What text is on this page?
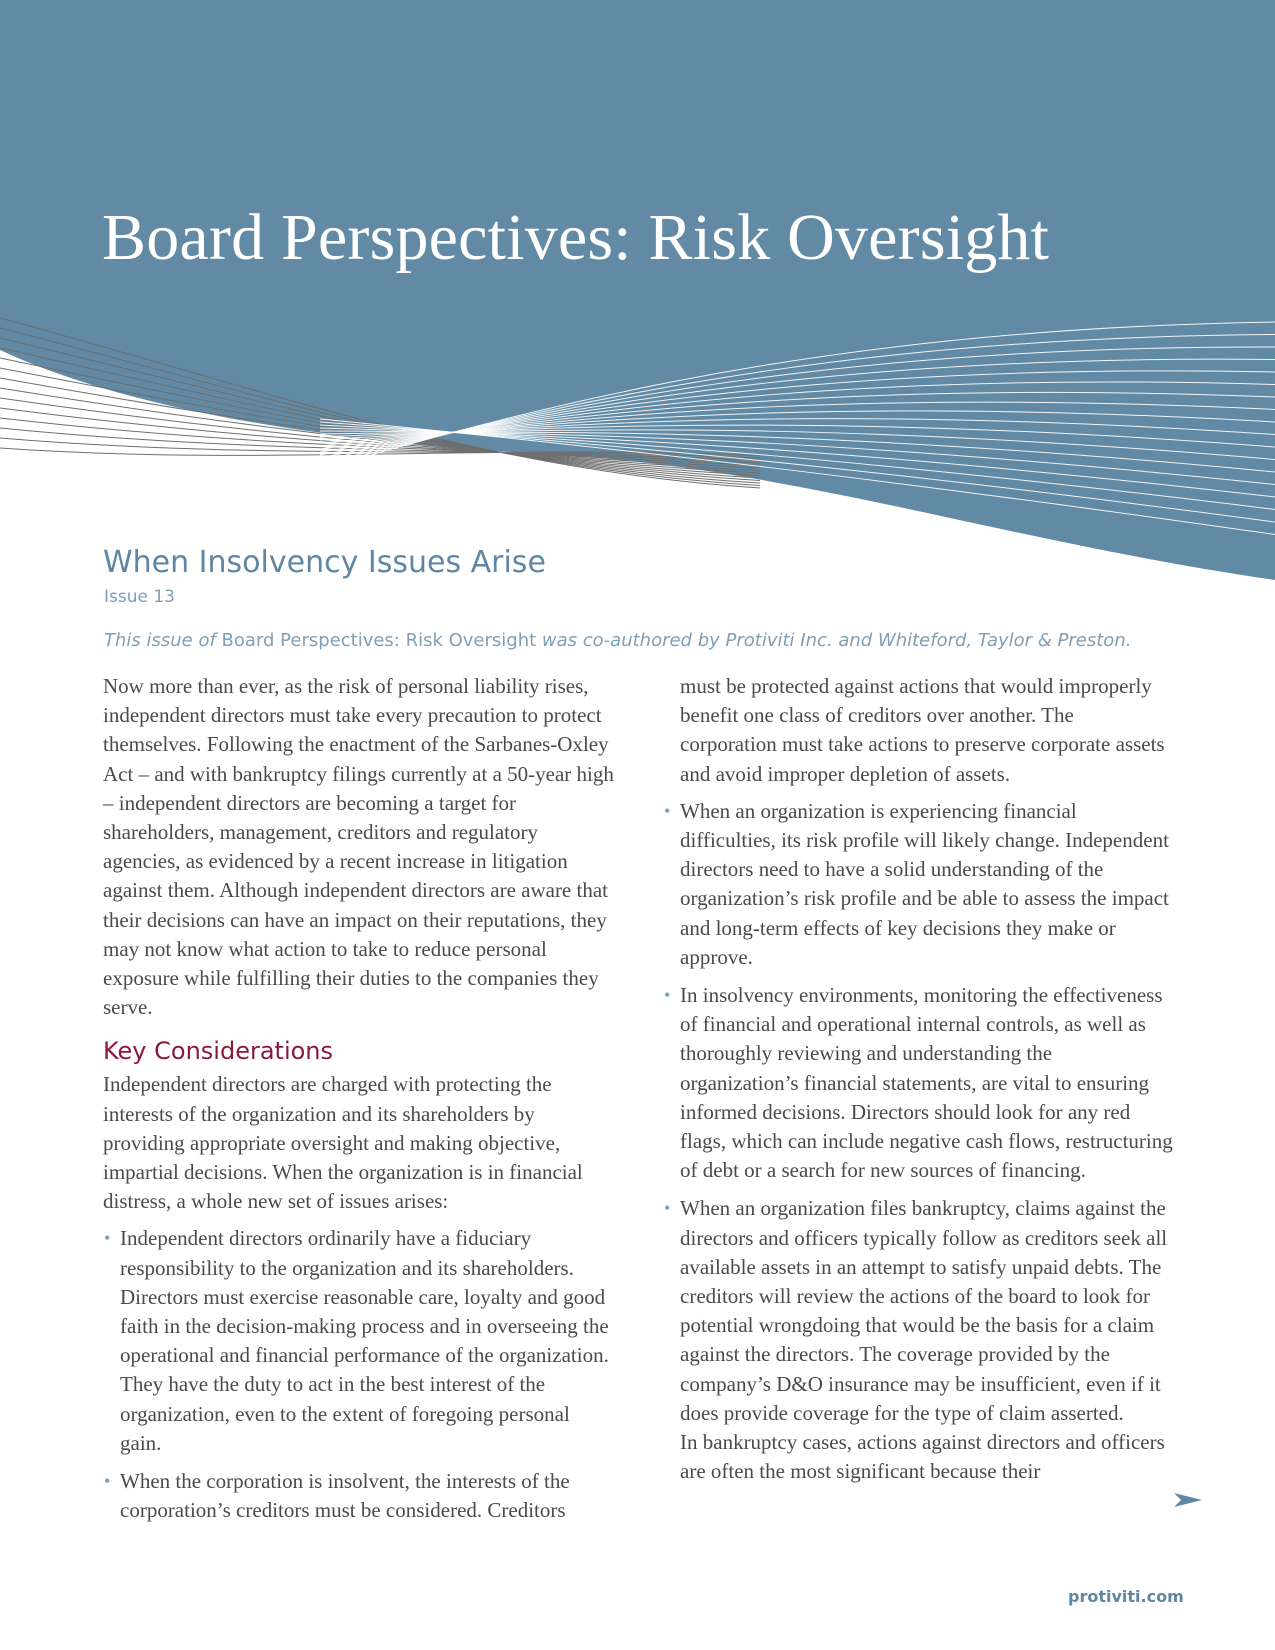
Board Perspectives: Risk Oversight
When Insolvency Issues Arise
Issue 13
This issue of Board Perspectives: Risk Oversight was co-authored by Protiviti Inc. and Whiteford, Taylor & Preston.

Now more than ever, as the risk of personal liability rises, independent directors must take every precaution to protect themselves. Following the enactment of the Sarbanes-Oxley Act – and with bankruptcy filings currently at a 50-year high – independent directors are becoming a target for shareholders, management, creditors and regulatory agencies, as evidenced by a recent increase in litigation against them. Although independent directors are aware that their decisions can have an impact on their reputations, they may not know what action to take to reduce personal exposure while fulfilling their duties to the companies they serve.

Key Considerations

Independent directors are charged with protecting the interests of the organization and its shareholders by providing appropriate oversight and making objective, impartial decisions. When the organization is in financial distress, a whole new set of issues arises:

• Independent directors ordinarily have a fiduciary responsibility to the organization and its shareholders. Directors must exercise reasonable care, loyalty and good faith in the decision-making process and in overseeing the operational and financial performance of the organization. They have the duty to act in the best interest of the organization, even to the extent of foregoing personal gain.
• When the corporation is insolvent, the interests of the corporation’s creditors must be considered. Creditors

must be protected against actions that would improperly benefit one class of creditors over another. The corporation must take actions to preserve corporate assets and avoid improper depletion of assets.

• When an organization is experiencing financial difficulties, its risk profile will likely change. Independent directors need to have a solid understanding of the organization’s risk profile and be able to assess the impact and long-term effects of key decisions they make or approve.
• In insolvency environments, monitoring the effectiveness of financial and operational internal controls, as well as thoroughly reviewing and understanding the organization’s financial statements, are vital to ensuring informed decisions. Directors should look for any red flags, which can include negative cash flows, restructuring of debt or a search for new sources of financing.
• When an organization files bankruptcy, claims against the directors and officers typically follow as creditors seek all available assets in an attempt to satisfy unpaid debts. The creditors will review the actions of the board to look for potential wrongdoing that would be the basis for a claim against the directors. The coverage provided by the company’s D&O insurance may be insufficient, even if it does provide coverage for the type of claim asserted.
In bankruptcy cases, actions against directors and officers are often the most significant because their
protiviti.com
